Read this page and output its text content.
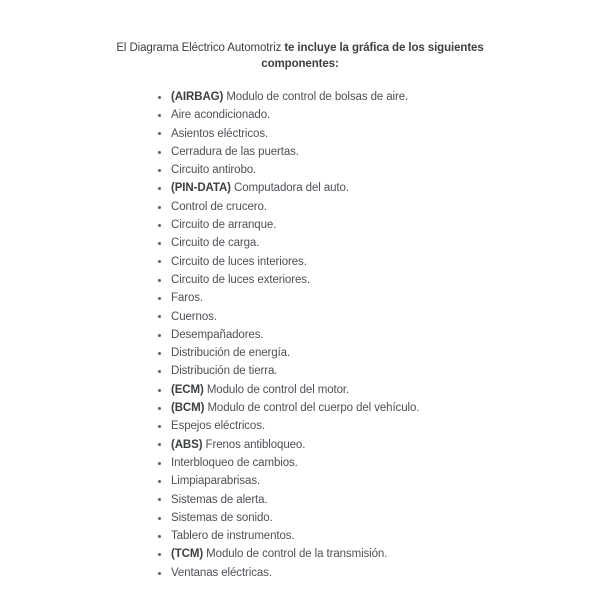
El Diagrama Eléctrico Automotriz te incluye la gráfica de los siguientes
componentes:
(AIRBAG) Modulo de control de bolsas de aire.
Aire acondicionado.
Asientos eléctricos.
Cerradura de las puertas.
Circuito antirobo.
(PIN-DATA) Computadora del auto.
Control de crucero.
Circuito de arranque.
Circuito de carga.
Circuito de luces interiores.
Circuito de luces exteriores.
Faros.
Cuernos.
Desempañadores.
Distribución de energía.
Distribución de tierra.
(ECM) Modulo de control del motor.
(BCM) Modulo de control del cuerpo del vehículo.
Espejos eléctricos.
(ABS) Frenos antibloqueo.
Interbloqueo de cambios.
Limpiaparabrisas.
Sistemas de alerta.
Sistemas de sonido.
Tablero de instrumentos.
(TCM) Modulo de control de la transmisión.
Ventanas eléctricas.
